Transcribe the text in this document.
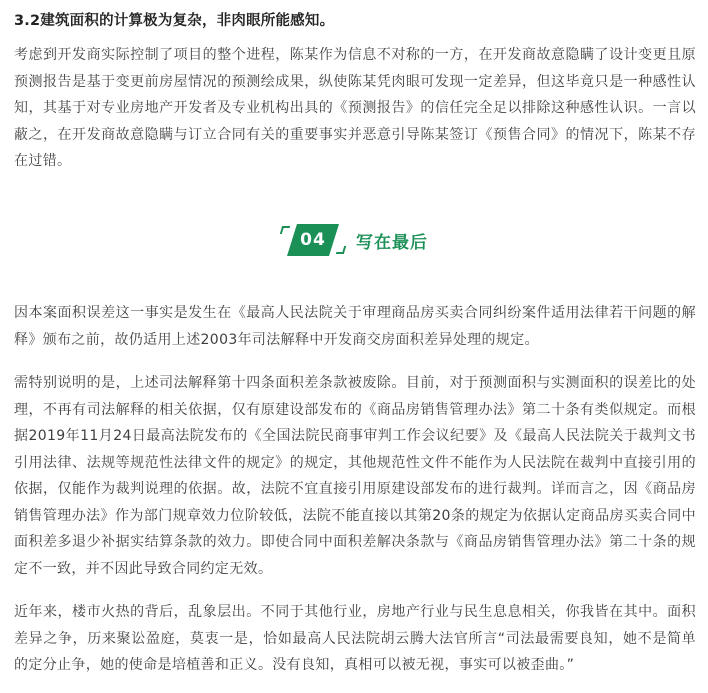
3.2建筑面积的计算极为复杂，非肉眼所能感知。

考虑到开发商实际控制了项目的整个进程，陈某作为信息不对称的一方，在开发商故意隐瞒了设计变更且原预测报告是基于变更前房屋情况的预测绘成果，纵使陈某凭肉眼可发现一定差异，但这毕竟只是一种感性认知，其基于对专业房地产开发者及专业机构出具的《预测报告》的信任完全足以排除这种感性认识。一言以蔽之，在开发商故意隐瞒与订立合同有关的重要事实并恶意引导陈某签订《预售合同》的情况下，陈某不存在过错。

04	写在最后

因本案面积误差这一事实是发生在《最高人民法院关于审理商品房买卖合同纠纷案件适用法律若干问题的解释》颁布之前，故仍适用上述2003年司法解释中开发商交房面积差异处理的规定。

需特别说明的是，上述司法解释第十四条面积差条款被废除。目前，对于预测面积与实测面积的误差比的处理，不再有司法解释的相关依据，仅有原建设部发布的《商品房销售管理办法》第二十条有类似规定。而根据2019年11月24日最高法院发布的《全国法院民商事审判工作会议纪要》及《最高人民法院关于裁判文书引用法律、法规等规范性法律文件的规定》的规定，其他规范性文件不能作为人民法院在裁判中直接引用的依据，仅能作为裁判说理的依据。故，法院不宜直接引用原建设部发布的进行裁判。详而言之，因《商品房销售管理办法》作为部门规章效力位阶较低，法院不能直接以其第20条的规定为依据认定商品房买卖合同中面积差多退少补据实结算条款的效力。即使合同中面积差解决条款与《商品房销售管理办法》第二十条的规定不一致，并不因此导致合同约定无效。

近年来，楼市火热的背后，乱象层出。不同于其他行业，房地产行业与民生息息相关，你我皆在其中。面积差异之争，历来聚讼盈庭，莫衷一是，恰如最高人民法院胡云腾大法官所言“司法最需要良知，她不是简单的定分止争，她的使命是培植善和正义。没有良知，真相可以被无视，事实可以被歪曲。”
